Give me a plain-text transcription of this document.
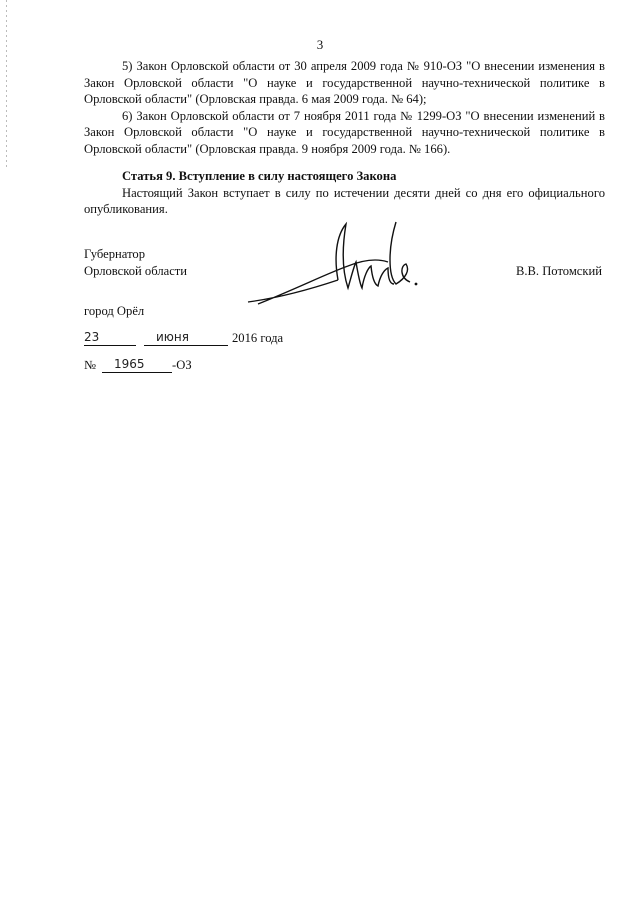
3

5) Закон Орловской области от 30 апреля 2009 года № 910-ОЗ "О внесении изменения в Закон Орловской области "О науке и государственной научно-технической политике в Орловской области" (Орловская правда. 6 мая 2009 года. № 64);

6) Закон Орловской области от 7 ноября 2011 года № 1299-ОЗ "О внесении изменений в Закон Орловской области "О науке и государственной научно-технической политике в Орловской области" (Орловская правда. 9 ноября 2009 года. № 166).

Статья 9. Вступление в силу настоящего Закона

Настоящий Закон вступает в силу по истечении десяти дней со дня его официального опубликования.

Губернатор
Орловской области	В.В. Потомский
город Орёл
23	июня	2016 года
№	1965	-ОЗ
